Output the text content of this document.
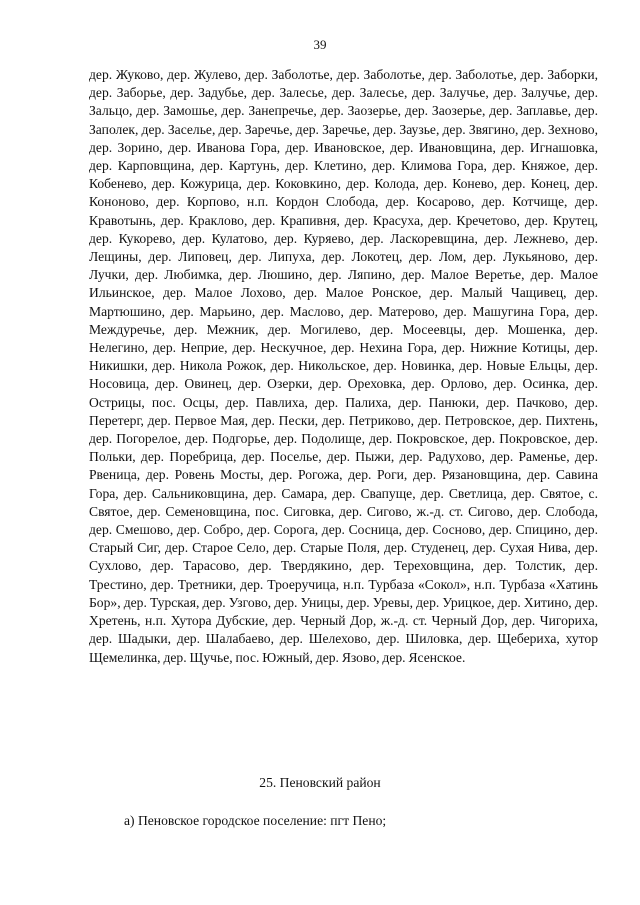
39

дер. Жуково, дер. Жулево, дер. Заболотье, дер. Заболотье, дер. Заболотье, дер. Заборки, дер. Заборье, дер. Задубье, дер. Залесье, дер. Залесье, дер. Залучье, дер. Залучье, дер. Зальцо, дер. Замошье, дер. Занепречье, дер. Заозерье, дер. Заозерье, дер. Заплавье, дер. Заполек, дер. Заселье, дер. Заречье, дер. Заречье, дер. Заузье, дер. Звягино, дер. Зехново, дер. Зорино, дер. Иванова Гора, дер. Ивановское, дер. Ивановщина, дер. Игнашовка, дер. Карповщина, дер. Картунь, дер. Клетино, дер. Климова Гора, дер. Княжое, дер. Кобенево, дер. Кожурица, дер. Коковкино, дер. Колода, дер. Конево, дер. Конец, дер. Кононово, дер. Корпово, н.п. Кордон Слобода, дер. Косарово, дер. Котчище, дер. Кравотынь, дер. Краклово, дер. Крапивня, дер. Красуха, дер. Кречетово, дер. Крутец, дер. Кукорево, дер. Кулатово, дер. Куряево, дер. Ласкоревщина, дер. Лежнево, дер. Лещины, дер. Липовец, дер. Липуха, дер. Локотец, дер. Лом, дер. Лукьяново, дер. Лучки, дер. Любимка, дер. Люшино, дер. Ляпино, дер. Малое Веретье, дер. Малое Ильинское, дер. Малое Лохово, дер. Малое Ронское, дер. Малый Чащивец, дер. Мартюшино, дер. Марьино, дер. Маслово, дер. Матерово, дер. Машугина Гора, дер. Междуречье, дер. Межник, дер. Могилево, дер. Мосеевцы, дер. Мошенка, дер. Нелегино, дер. Неприе, дер. Нескучное, дер. Нехина Гора, дер. Нижние Котицы, дер. Никишки, дер. Никола Рожок, дер. Никольское, дер. Новинка, дер. Новые Ельцы, дер. Носовица, дер. Овинец, дер. Озерки, дер. Ореховка, дер. Орлово, дер. Осинка, дер. Острицы, пос. Осцы, дер. Павлиха, дер. Палиха, дер. Панюки, дер. Пачково, дер. Перетерг, дер. Первое Мая, дер. Пески, дер. Петриково, дер. Петровское, дер. Пихтень, дер. Погорелое, дер. Подгорье, дер. Подолище, дер. Покровское, дер. Покровское, дер. Польки, дер. Поребрица, дер. Поселье, дер. Пыжи, дер. Радухово, дер. Раменье, дер. Рвеница, дер. Ровень Мосты, дер. Рогожа, дер. Роги, дер. Рязановщина, дер. Савина Гора, дер. Сальниковщина, дер. Самара, дер. Свапуще, дер. Светлица, дер. Святое, с. Святое, дер. Семеновщина, пос. Сиговка, дер. Сигово, ж.-д. ст. Сигово, дер. Слобода, дер. Смешово, дер. Собро, дер. Сорога, дер. Сосница, дер. Сосново, дер. Спицино, дер. Старый Сиг, дер. Старое Село, дер. Старые Поля, дер. Студенец, дер. Сухая Нива, дер. Сухлово, дер. Тарасово, дер. Твердякино, дер. Тереховщина, дер. Толстик, дер. Трестино, дер. Третники, дер. Троеручица, н.п. Турбаза «Сокол», н.п. Турбаза «Хатинь Бор», дер. Турская, дер. Узгово, дер. Уницы, дер. Уревы, дер. Урицкое, дер. Хитино, дер. Хретень, н.п. Хутора Дубские, дер. Черный Дор, ж.-д. ст. Черный Дор, дер. Чигориха, дер. Шадыки, дер. Шалабаево, дер. Шелехово, дер. Шиловка, дер. Щебериха, хутор Щемелинка, дер. Щучье, пос. Южный, дер. Язово, дер. Ясенское.

25. Пеновский район
а) Пеновское городское поселение: пгт Пено;
